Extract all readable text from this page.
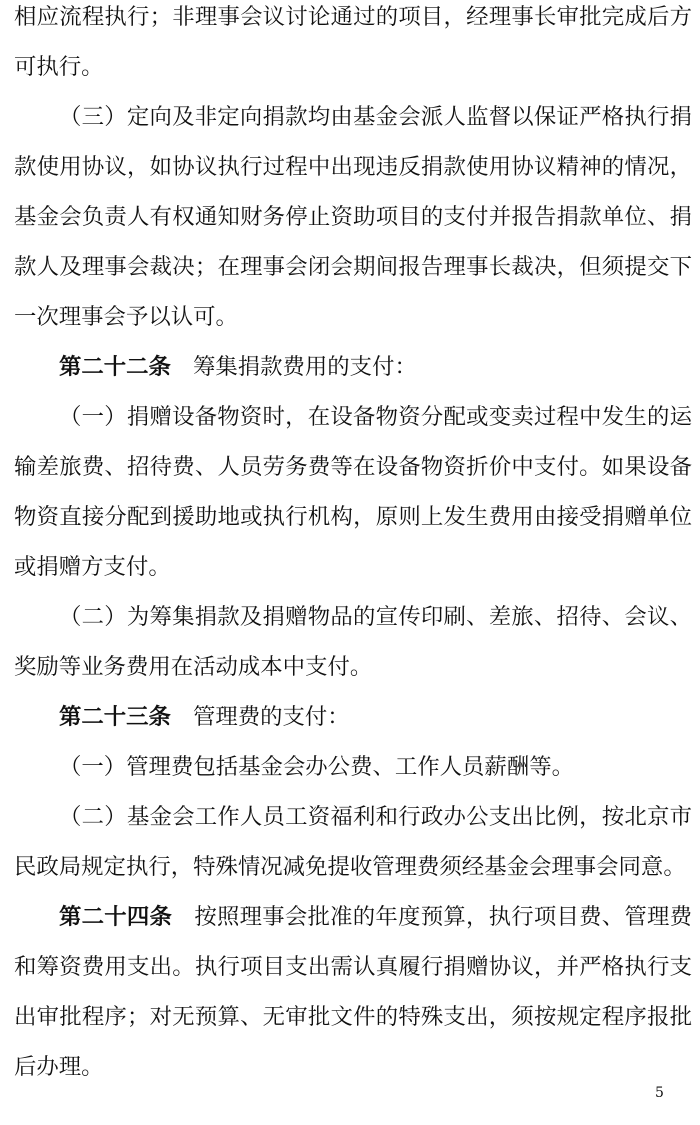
相应流程执行；非理事会议讨论通过的项目，经理事长审批完成后方
可执行。
（三）定向及非定向捐款均由基金会派人监督以保证严格执行捐
款使用协议，如协议执行过程中出现违反捐款使用协议精神的情况，
基金会负责人有权通知财务停止资助项目的支付并报告捐款单位、捐
款人及理事会裁决；在理事会闭会期间报告理事长裁决，但须提交下
一次理事会予以认可。
第二十二条 筹集捐款费用的支付：
（一）捐赠设备物资时，在设备物资分配或变卖过程中发生的运
输差旅费、招待费、人员劳务费等在设备物资折价中支付。如果设备
物资直接分配到援助地或执行机构，原则上发生费用由接受捐赠单位
或捐赠方支付。
（二）为筹集捐款及捐赠物品的宣传印刷、差旅、招待、会议、
奖励等业务费用在活动成本中支付。
第二十三条 管理费的支付：
（一）管理费包括基金会办公费、工作人员薪酬等。
（二）基金会工作人员工资福利和行政办公支出比例，按北京市
民政局规定执行，特殊情况减免提收管理费须经基金会理事会同意。
第二十四条 按照理事会批准的年度预算，执行项目费、管理费
和筹资费用支出。执行项目支出需认真履行捐赠协议，并严格执行支
出审批程序；对无预算、无审批文件的特殊支出，须按规定程序报批
后办理。
5
